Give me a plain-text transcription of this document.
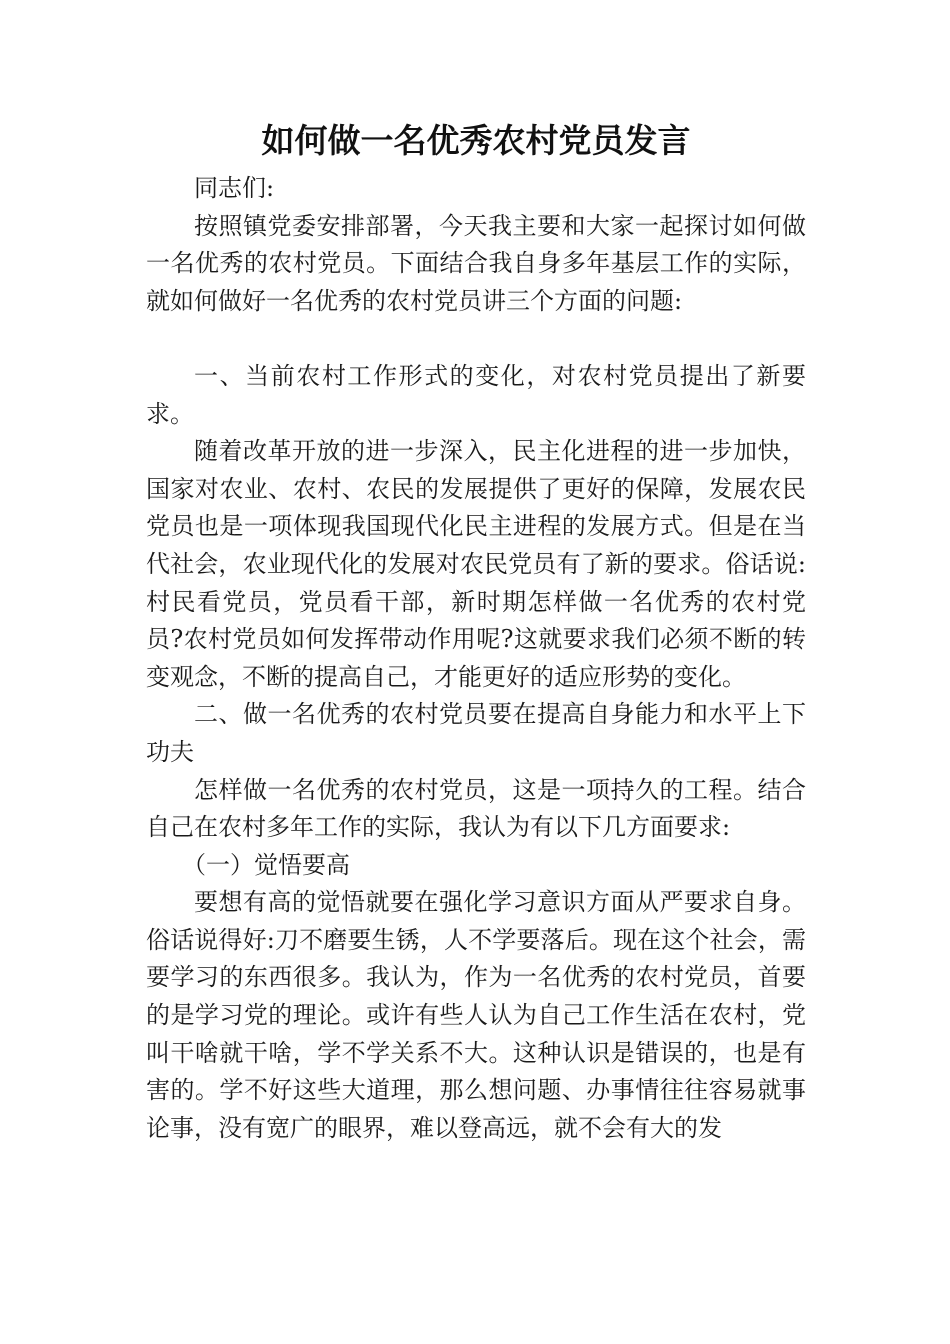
如何做一名优秀农村党员发言

同志们:

按照镇党委安排部署，今天我主要和大家一起探讨如何做一名优秀的农村党员。下面结合我自身多年基层工作的实际，就如何做好一名优秀的农村党员讲三个方面的问题:

一、当前农村工作形式的变化，对农村党员提出了新要求。

随着改革开放的进一步深入，民主化进程的进一步加快，国家对农业、农村、农民的发展提供了更好的保障，发展农民党员也是一项体现我国现代化民主进程的发展方式。但是在当代社会，农业现代化的发展对农民党员有了新的要求。俗话说:村民看党员，党员看干部，新时期怎样做一名优秀的农村党员?农村党员如何发挥带动作用呢?这就要求我们必须不断的转变观念，不断的提高自己，才能更好的适应形势的变化。

二、做一名优秀的农村党员要在提高自身能力和水平上下功夫

怎样做一名优秀的农村党员，这是一项持久的工程。结合自己在农村多年工作的实际，我认为有以下几方面要求:

（一）觉悟要高

要想有高的觉悟就要在强化学习意识方面从严要求自身。俗话说得好:刀不磨要生锈，人不学要落后。现在这个社会，需要学习的东西很多。我认为，作为一名优秀的农村党员，首要的是学习党的理论。或许有些人认为自己工作生活在农村，党叫干啥就干啥，学不学关系不大。这种认识是错误的，也是有害的。学不好这些大道理，那么想问题、办事情往往容易就事论事，没有宽广的眼界，难以登高远，就不会有大的发
